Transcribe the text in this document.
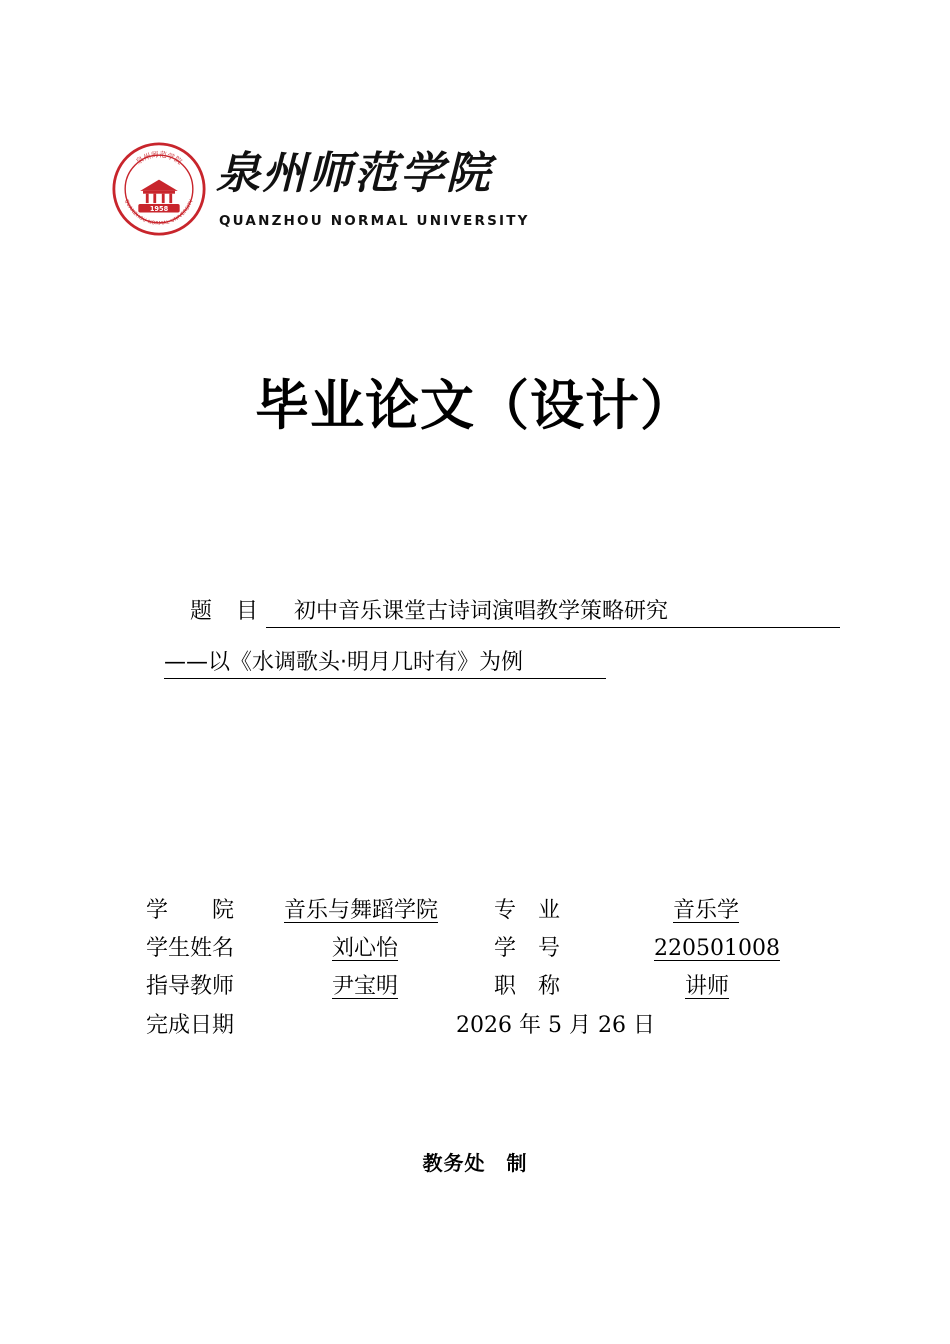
1958
泉州师范学院
QUANZHOU NORMAL UNIVERSITY
泉州师范学院
QUANZHOU NORMAL UNIVERSITY
毕业论文（设计）
题　目	初中音乐课堂古诗词演唱教学策略研究
——以《水调歌头·明月几时有》为例
学　　院 音乐与舞蹈学院	专　业	音乐学
学生姓名	刘心怡	学　号	220501008
指导教师	尹宝明	职　称	讲师
完成日期	2026 年 5 月 26 日
教务处　制
